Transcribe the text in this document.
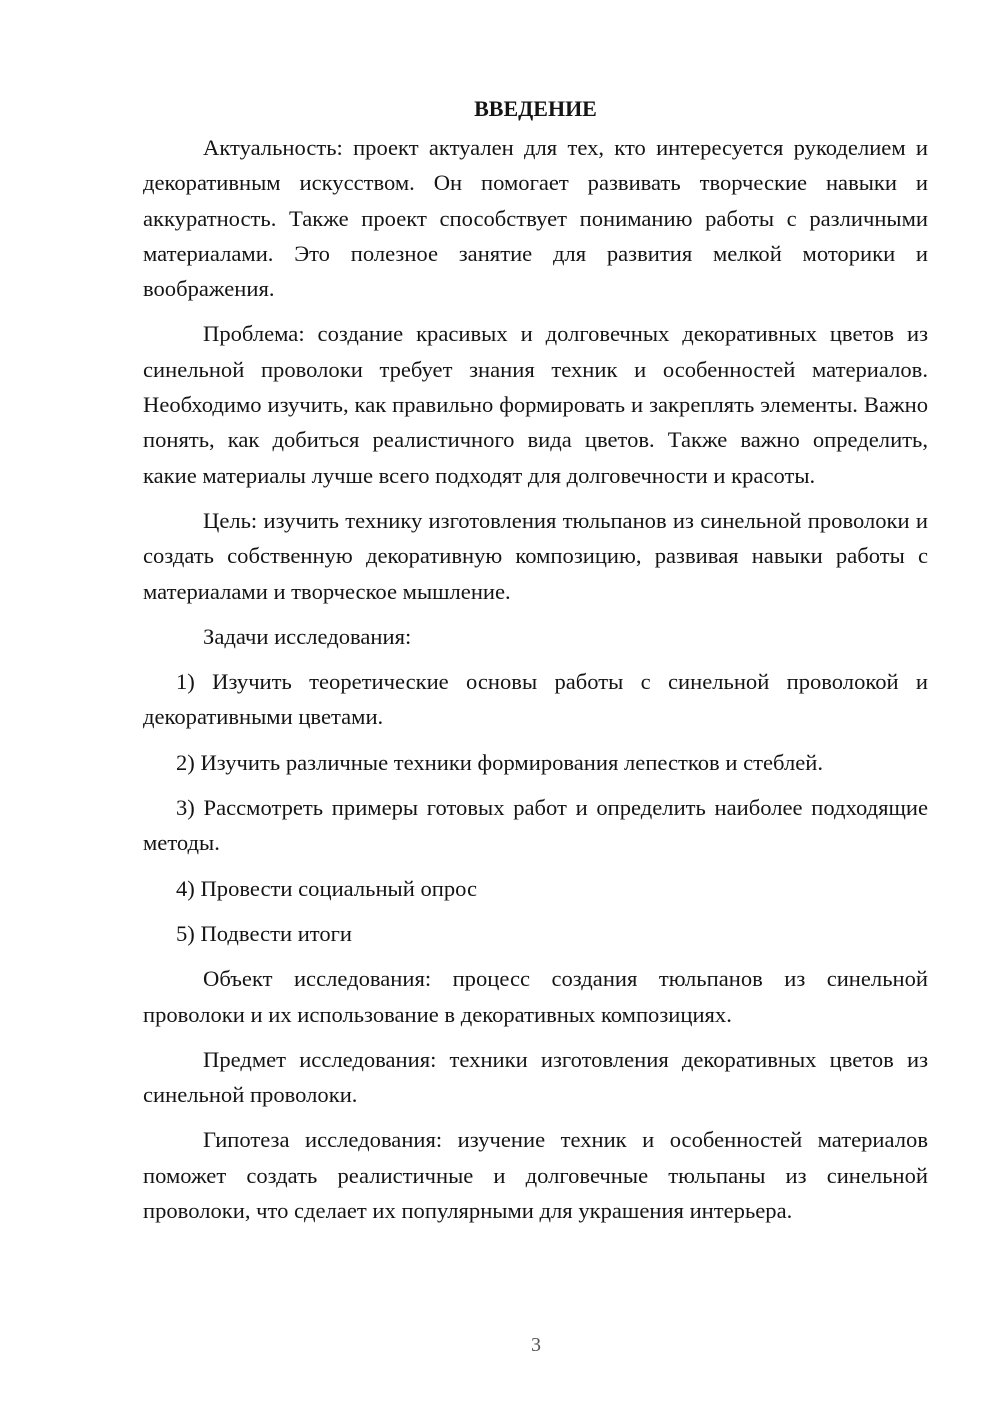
ВВЕДЕНИЕ

Актуальность: проект актуален для тех, кто интересуется рукоделием и декоративным искусством. Он помогает развивать творческие навыки и аккуратность. Также проект способствует пониманию работы с различными материалами. Это полезное занятие для развития мелкой моторики и воображения.

Проблема: создание красивых и долговечных декоративных цветов из синельной проволоки требует знания техник и особенностей материалов. Необходимо изучить, как правильно формировать и закреплять элементы. Важно понять, как добиться реалистичного вида цветов. Также важно определить, какие материалы лучше всего подходят для долговечности и красоты.

Цель: изучить технику изготовления тюльпанов из синельной проволоки и создать собственную декоративную композицию, развивая навыки работы с материалами и творческое мышление.

Задачи исследования:

1) Изучить теоретические основы работы с синельной проволокой и декоративными цветами.

2) Изучить различные техники формирования лепестков и стеблей.

3) Рассмотреть примеры готовых работ и определить наиболее подходящие методы.

4) Провести социальный опрос

5) Подвести итоги

Объект исследования: процесс создания тюльпанов из синельной проволоки и их использование в декоративных композициях.

Предмет исследования: техники изготовления декоративных цветов из синельной проволоки.

Гипотеза исследования: изучение техник и особенностей материалов поможет создать реалистичные и долговечные тюльпаны из синельной проволоки, что сделает их популярными для украшения интерьера.

3
